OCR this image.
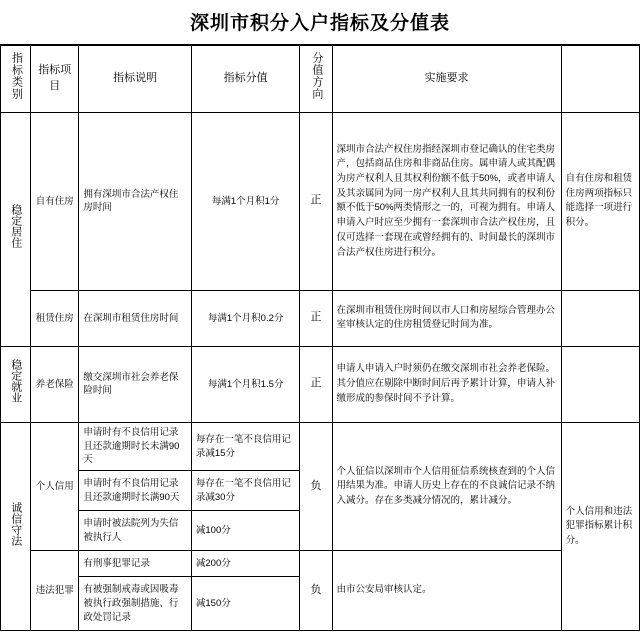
深圳市积分入户指标及分值表
指标类别	指标项目	指标说明	指标分值	分值方向	实施要求	
稳定居住	自有住房	拥有深圳市合法产权住房时间	每满1个月积1分	正	深圳市合法产权住房指经深圳市登记确认的住宅类房产，包括商品住房和非商品住房。属申请人或其配偶为房产权利人且其权利份额不低于50%，或者申请人及其亲属同为同一房产权利人且其共同拥有的权利份额不低于50%两类情形之一的，可视为拥有。申请人申请入户时应至少拥有一套深圳市合法产权住房，且仅可选择一套现在或曾经拥有的、时间最长的深圳市合法产权住房进行积分。	自有住房和租赁住房两项指标只能选择一项进行积分。
	租赁住房	在深圳市租赁住房时间	每满1个月积0.2分	正	在深圳市租赁住房时间以市人口和房屋综合管理办公室审核认定的住房租赁登记时间为准。	
稳定就业	养老保险	缴交深圳市社会养老保险时间	每满1个月积1.5分	正	申请人申请入户时须仍在缴交深圳市社会养老保险。其分值应在剔除中断时间后再予累计计算，申请人补缴形成的参保时间不予计算。	
诚信守法	个人信用	申请时有不良信用记录且还款逾期时长未满90天	每存在一笔不良信用记录减15分	负	个人征信以深圳市个人信用征信系统核查到的个人信用结果为准。申请人历史上存在的不良诚信记录不纳入减分。存在多类减分情况的，累计减分。	个人信用和违法犯罪指标累计积分。
		申请时有不良信用记录且还款逾期时长满90天	每存在一笔不良信用记录减30分			
		申请时被法院列为失信被执行人	减100分			
	违法犯罪	有刑事犯罪记录	减200分	负	由市公安局审核认定。	
		有被强制戒毒或因吸毒被执行政强制措施、行政处罚记录	减150分			
